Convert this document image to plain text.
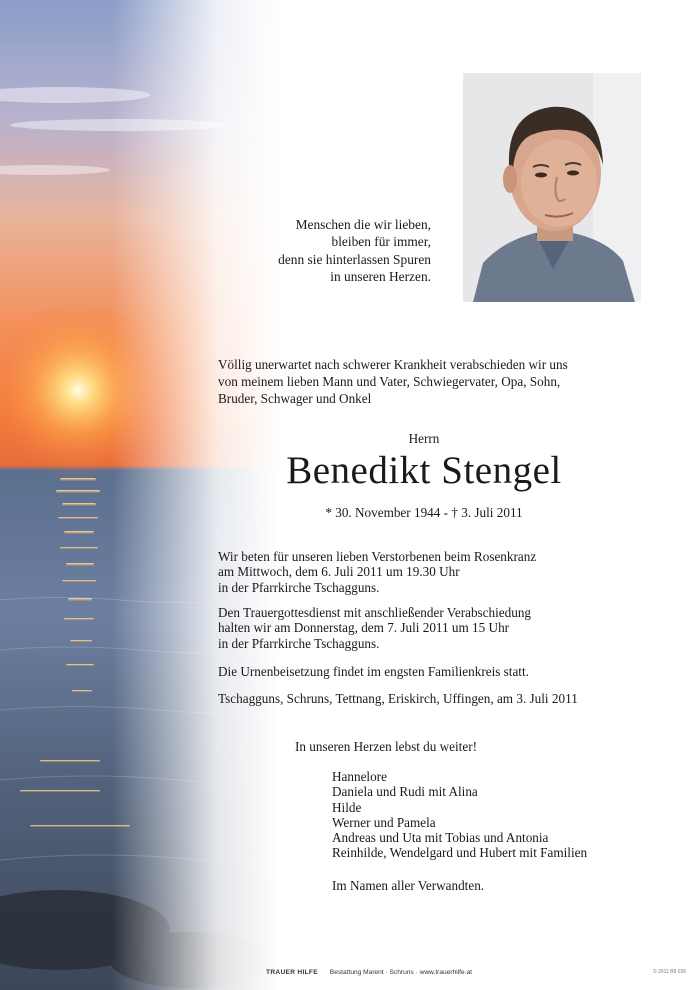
Menschen die wir lieben,
bleiben für immer,
denn sie hinterlassen Spuren
in unseren Herzen.
Völlig unerwartet nach schwerer Krankheit verabschieden wir uns
von meinem lieben Mann und Vater, Schwiegervater, Opa, Sohn,
Bruder, Schwager und Onkel
Herrn
Benedikt Stengel
* 30. November 1944 - † 3. Juli 2011
Wir beten für unseren lieben Verstorbenen beim Rosenkranz
am Mittwoch, dem 6. Juli 2011 um 19.30 Uhr
in der Pfarrkirche Tschagguns.
Den Trauergottesdienst mit anschließender Verabschiedung
halten wir am Donnerstag, dem 7. Juli 2011 um 15 Uhr
in der Pfarrkirche Tschagguns.
Die Urnenbeisetzung findet im engsten Familienkreis statt.
Tschagguns, Schruns, Tettnang, Eriskirch, Uffingen, am 3. Juli 2011
In unseren Herzen lebst du weiter!
Hannelore
Daniela und Rudi mit Alina
Hilde
Werner und Pamela
Andreas und Uta mit Tobias und Antonia
Reinhilde, Wendelgard und Hubert mit Familien
Im Namen aller Verwandten.
TRAUER HILFE Bestattung Marent · Schruns · www.trauerhilfe.at	© 2011 B8 026
